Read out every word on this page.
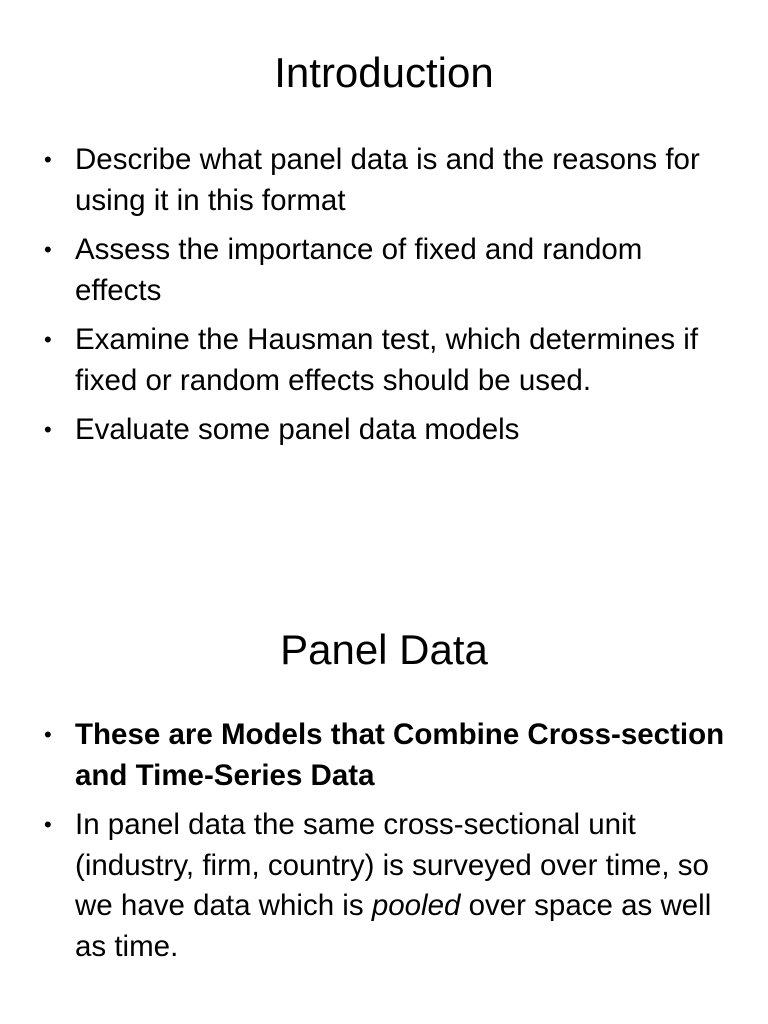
Introduction
• Describe what panel data is and the reasons for using it in this format
• Assess the importance of fixed and random effects
• Examine the Hausman test, which determines if fixed or random effects should be used.
• Evaluate some panel data models
Panel Data
• These are Models that Combine Cross-section and Time-Series Data
• In panel data the same cross-sectional unit (industry, firm, country) is surveyed over time, so we have data which is pooled over space as well as time.
